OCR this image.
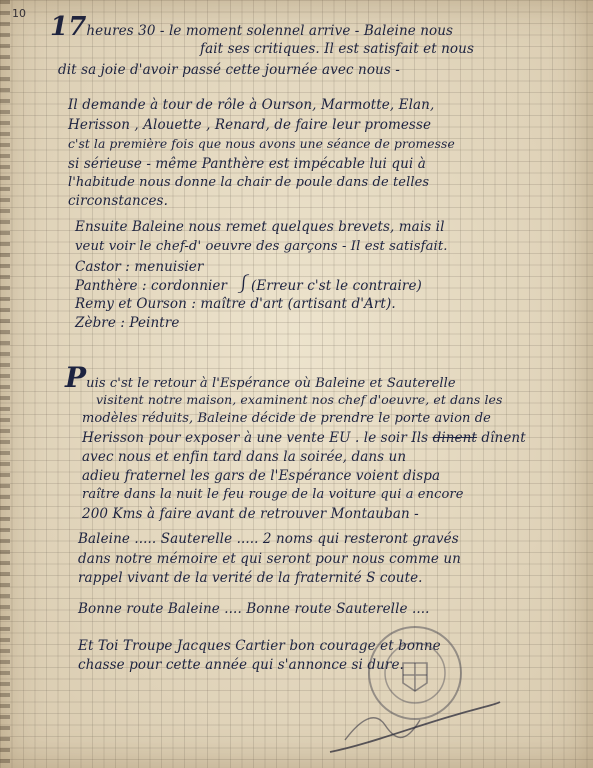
10 17heures 30 - le moment solennel arrive - Baleine nous
fait ses critiques. Il est satisfait et nous
dit sa joie d'avoir passé cette journée avec nous -
Il demande à tour de rôle à Ourson, Marmotte, Elan,
Herisson , Alouette , Renard, de faire leur promesse
c'st la première fois que nous avons une séance de promesse
si sérieuse - même Panthère est impécable lui qui à
l'habitude nous donne la chair de poule dans de telles
circonstances.
Ensuite Baleine nous remet quelques brevets, mais il
veut voir le chef-d' oeuvre des garçons - Il est satisfait.
Castor : menuisier
Panthère : cordonnier ⎰(Erreur c'st le contraire)
Remy et Ourson : maître d'art (artisant d'Art).
Zèbre : Peintre
Puis c'st le retour à l'Espérance où Baleine et Sauterelle
visitent notre maison, examinent nos chef d'oeuvre, et dans les
modèles réduits, Baleine décide de prendre le porte avion de
Herisson pour exposer à une vente EU . le soir Ils dinent dînent
avec nous et enfin tard dans la soirée, dans un
adieu fraternel les gars de l'Espérance voient dispa
raître dans la nuit le feu rouge de la voiture qui a encore
200 Kms à faire avant de retrouver Montauban -
Baleine ..... Sauterelle ..... 2 noms qui resteront gravés
dans notre mémoire et qui seront pour nous comme un
rappel vivant de la verité de la fraternité S coute.
Bonne route Baleine .... Bonne route Sauterelle ....
Et Toi Troupe Jacques Cartier bon courage et bonne
chasse pour cette année qui s'annonce si dure.
